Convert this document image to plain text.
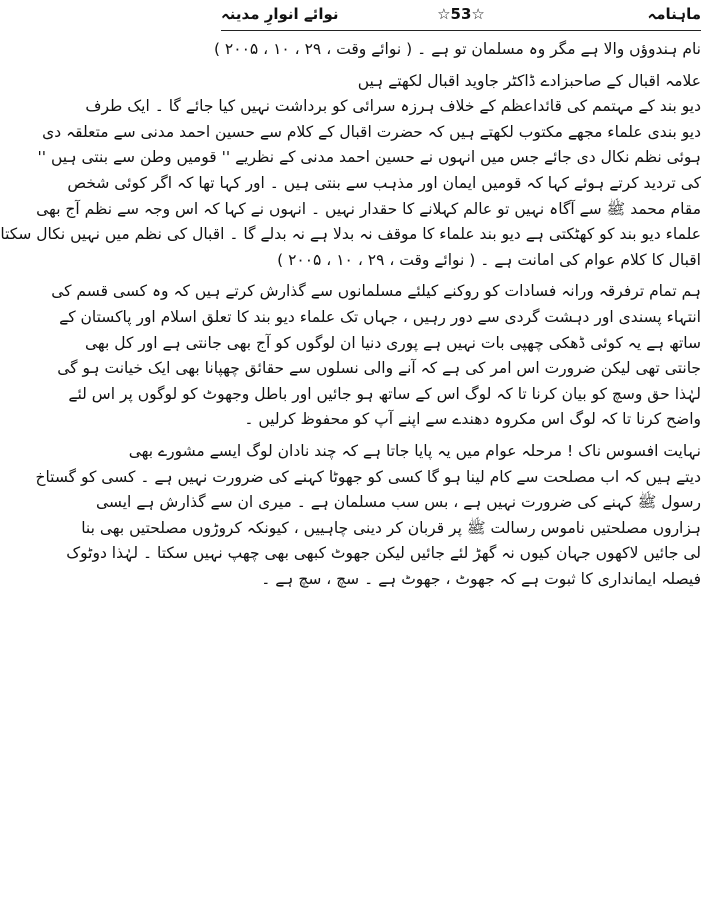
ماہنامہ
☆53☆
نوائے انوارِ مدینہ
نام ہندوؤں والا ہے مگر وہ مسلمان تو ہے ۔ ( نوائے وقت ، ۲۹ ، ۱۰ ، ۲۰۰۵ )
علامہ اقبال کے صاحبزادے ڈاکٹر جاوید اقبال لکھتے ہیں
دیو بند کے مہتمم کی قائداعظم کے خلاف ہرزہ سرائی کو برداشت نہیں کیا جائے گا ۔ ایک طرف
دیو بندی علماء مجھے مکتوب لکھتے ہیں کہ حضرت اقبال کے کلام سے حسین احمد مدنی سے متعلقہ دی
ہوئی نظم نکال دی جائے جس میں انہوں نے حسین احمد مدنی کے نظریے '' قومیں وطن سے بنتی ہیں ''
کی تردید کرتے ہوئے کہا کہ قومیں ایمان اور مذہب سے بنتی ہیں ۔ اور کہا تھا کہ اگر کوئی شخص
مقام محمد ﷺ سے آگاہ نہیں تو عالم کہلانے کا حقدار نہیں ۔ انہوں نے کہا کہ اس وجہ سے نظم آج بھی
علماء دیو بند کو کھٹکتی ہے دیو بند علماء کا موقف نہ بدلا ہے نہ بدلے گا ۔ اقبال کی نظم میں نہیں نکال سکتا
اقبال کا کلام عوام کی امانت ہے ۔ ( نوائے وقت ، ۲۹ ، ۱۰ ، ۲۰۰۵ )
ہم تمام ترفرقہ ورانہ فسادات کو روکنے کیلئے مسلمانوں سے گذارش کرتے ہیں کہ وہ کسی قسم کی
انتہاء پسندی اور دہشت گردی سے دور رہیں ، جہاں تک علماء دیو بند کا تعلق اسلام اور پاکستان کے
ساتھ ہے یہ کوئی ڈھکی چھپی بات نہیں ہے پوری دنیا ان لوگوں کو آج بھی جانتی ہے اور کل بھی
جانتی تھی لیکن ضرورت اس امر کی ہے کہ آنے والی نسلوں سے حقائق چھپانا بھی ایک خیانت ہو گی
لہٰذا حق وسچ کو بیان کرنا تا کہ لوگ اس کے ساتھ ہو جائیں اور باطل وجھوٹ کو لوگوں پر اس لئے
واضح کرنا تا کہ لوگ اس مکروہ دھندے سے اپنے آپ کو محفوظ کرلیں ۔
نہایت افسوس ناک ! مرحلہ عوام میں یہ پایا جاتا ہے کہ چند نادان لوگ ایسے مشورے بھی
دیتے ہیں کہ اب مصلحت سے کام لینا ہو گا کسی کو جھوٹا کہنے کی ضرورت نہیں ہے ۔ کسی کو گستاخ
رسول ﷺ کہنے کی ضرورت نہیں ہے ، بس سب مسلمان ہے ۔ میری ان سے گذارش ہے ایسی
ہزاروں مصلحتیں ناموس رسالت ﷺ پر قربان کر دینی چاہییں ، کیونکہ کروڑوں مصلحتیں بھی بنا
لی جائیں لاکھوں جہان کیوں نہ گھڑ لئے جائیں لیکن جھوٹ کبھی بھی چھپ نہیں سکتا ۔ لہٰذا دوٹوک
فیصلہ ایمانداری کا ثبوت ہے کہ جھوٹ ، جھوٹ ہے ۔ سچ ، سچ ہے ۔
